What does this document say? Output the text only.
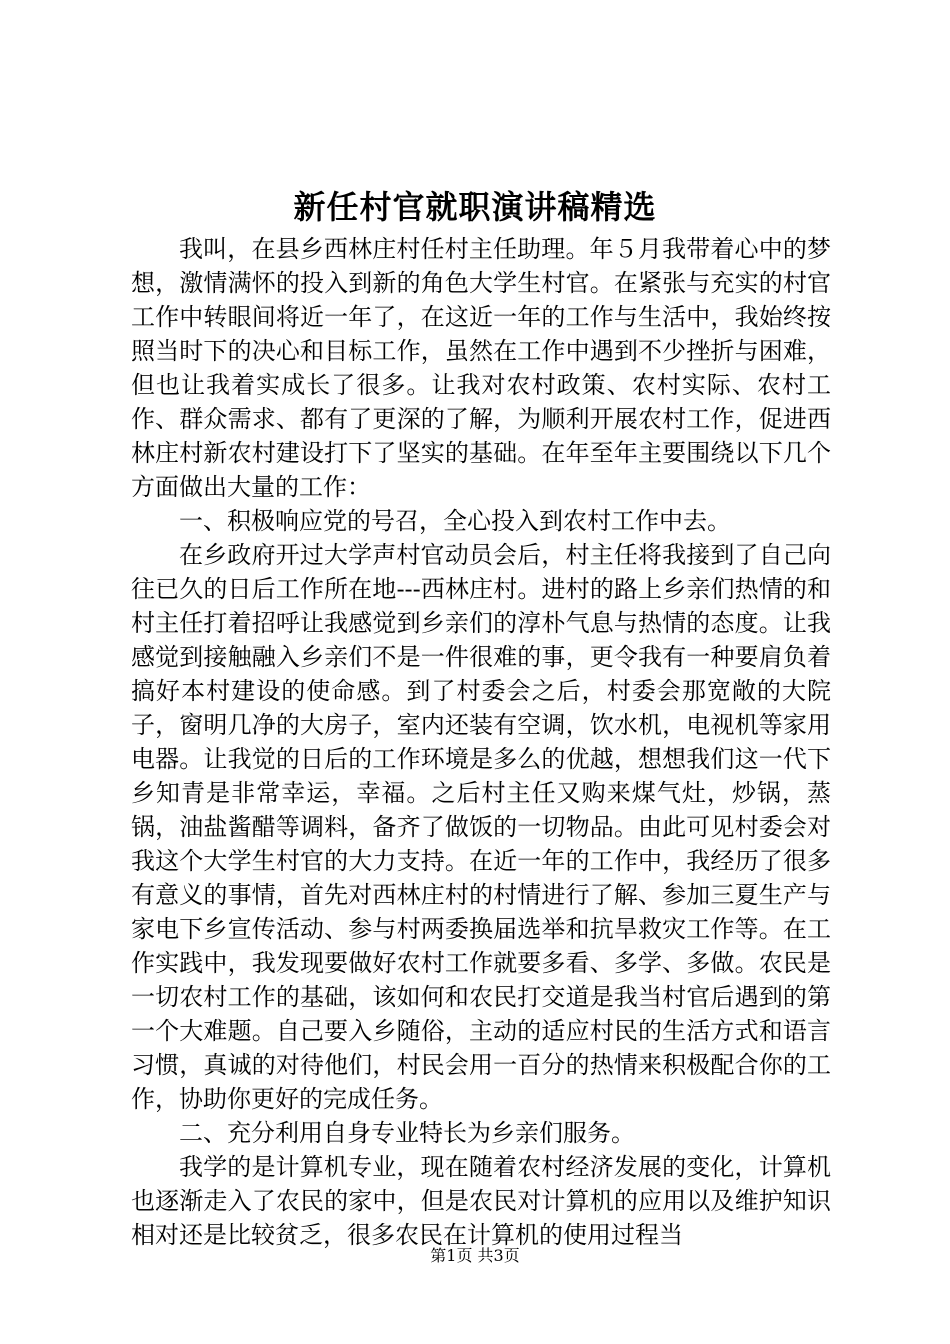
新任村官就职演讲稿精选

我叫，在县乡西林庄村任村主任助理。年５月我带着心中的梦想，激情满怀的投入到新的角色大学生村官。在紧张与充实的村官工作中转眼间将近一年了，在这近一年的工作与生活中，我始终按照当时下的决心和目标工作，虽然在工作中遇到不少挫折与困难，但也让我着实成长了很多。让我对农村政策、农村实际、农村工作、群众需求、都有了更深的了解，为顺利开展农村工作，促进西林庄村新农村建设打下了坚实的基础。在年至年主要围绕以下几个方面做出大量的工作：

一、积极响应党的号召，全心投入到农村工作中去。

在乡政府开过大学声村官动员会后，村主任将我接到了自己向往已久的日后工作所在地---西林庄村。进村的路上乡亲们热情的和村主任打着招呼让我感觉到乡亲们的淳朴气息与热情的态度。让我感觉到接触融入乡亲们不是一件很难的事，更令我有一种要肩负着搞好本村建设的使命感。到了村委会之后，村委会那宽敞的大院子，窗明几净的大房子，室内还装有空调，饮水机，电视机等家用电器。让我觉的日后的工作环境是多么的优越，想想我们这一代下乡知青是非常幸运，幸福。之后村主任又购来煤气灶，炒锅，蒸锅，油盐酱醋等调料，备齐了做饭的一切物品。由此可见村委会对我这个大学生村官的大力支持。在近一年的工作中，我经历了很多有意义的事情，首先对西林庄村的村情进行了解、参加三夏生产与家电下乡宣传活动、参与村两委换届选举和抗旱救灾工作等。在工作实践中，我发现要做好农村工作就要多看、多学、多做。农民是一切农村工作的基础，该如何和农民打交道是我当村官后遇到的第一个大难题。自己要入乡随俗，主动的适应村民的生活方式和语言习惯，真诚的对待他们，村民会用一百分的热情来积极配合你的工作，协助你更好的完成任务。

二、充分利用自身专业特长为乡亲们服务。

我学的是计算机专业，现在随着农村经济发展的变化，计算机也逐渐走入了农民的家中，但是农民对计算机的应用以及维护知识相对还是比较贫乏，很多农民在计算机的使用过程当

第1页 共3页
